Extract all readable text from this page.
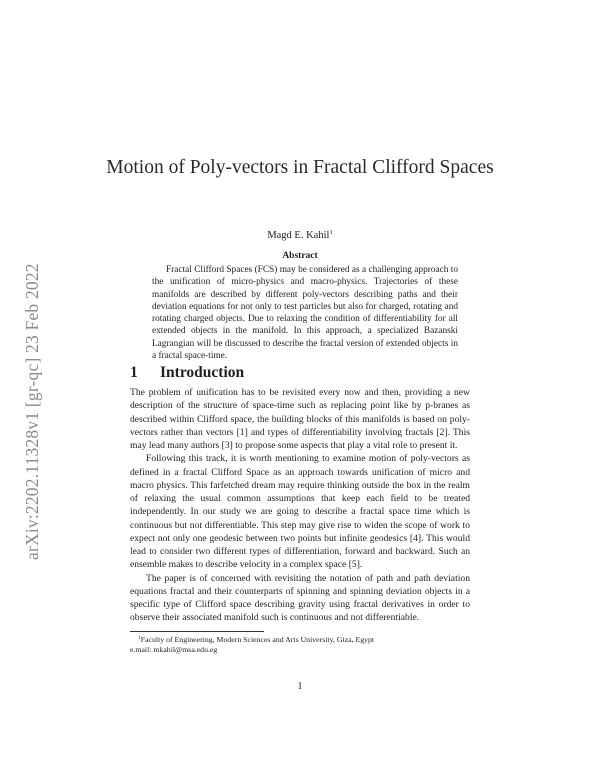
arXiv:2202.11328v1 [gr-qc] 23 Feb 2022
Motion of Poly-vectors in Fractal Clifford Spaces
Magd E. Kahil$^1$
Abstract
Fractal Clifford Spaces (FCS) may be considered as a challenging approach to the unification of micro-physics and macro-physics. Trajectories of these manifolds are described by different poly-vectors describing paths and their deviation equations for not only to test particles but also for charged, rotating and rotating charged objects. Due to relaxing the condition of differentiability for all extended objects in the manifold. In this approach, a specialized Bazanski Lagrangian will be discussed to describe the fractal version of extended objects in a fractal space-time.
1 Introduction

The problem of unification has to be revisited every now and then, providing a new description of the structure of space-time such as replacing point like by p-branes as described within Clifford space, the building blocks of this manifolds is based on poly-vectors rather than vectors [1] and types of differentiability involving fractals [2]. This may lead many authors [3] to propose some aspects that play a vital role to present it.

Following this track, it is worth mentioning to examine motion of poly-vectors as defined in a fractal Clifford Space as an approach towards unification of micro and macro physics. This farfetched dream may require thinking outside the box in the realm of relaxing the usual common assumptions that keep each field to be treated independently. In our study we are going to describe a fractal space time which is continuous but not differentiable. This step may give rise to widen the scope of work to expect not only one geodesic between two points but infinite geodesics [4]. This would lead to consider two different types of differentiation, forward and backward. Such an ensemble makes to describe velocity in a complex space [5].

The paper is of concerned with revisiting the notation of path and path deviation equations fractal and their counterparts of spinning and spinning deviation objects in a specific type of Clifford space describing gravity using fractal derivatives in order to observe their associated manifold such is continuous and not differentiable.

$^1$Faculty of Engineering, Modern Sciences and Arts University, Giza, Egypt
e.mail: mkahil@msa.edu.eg
1
